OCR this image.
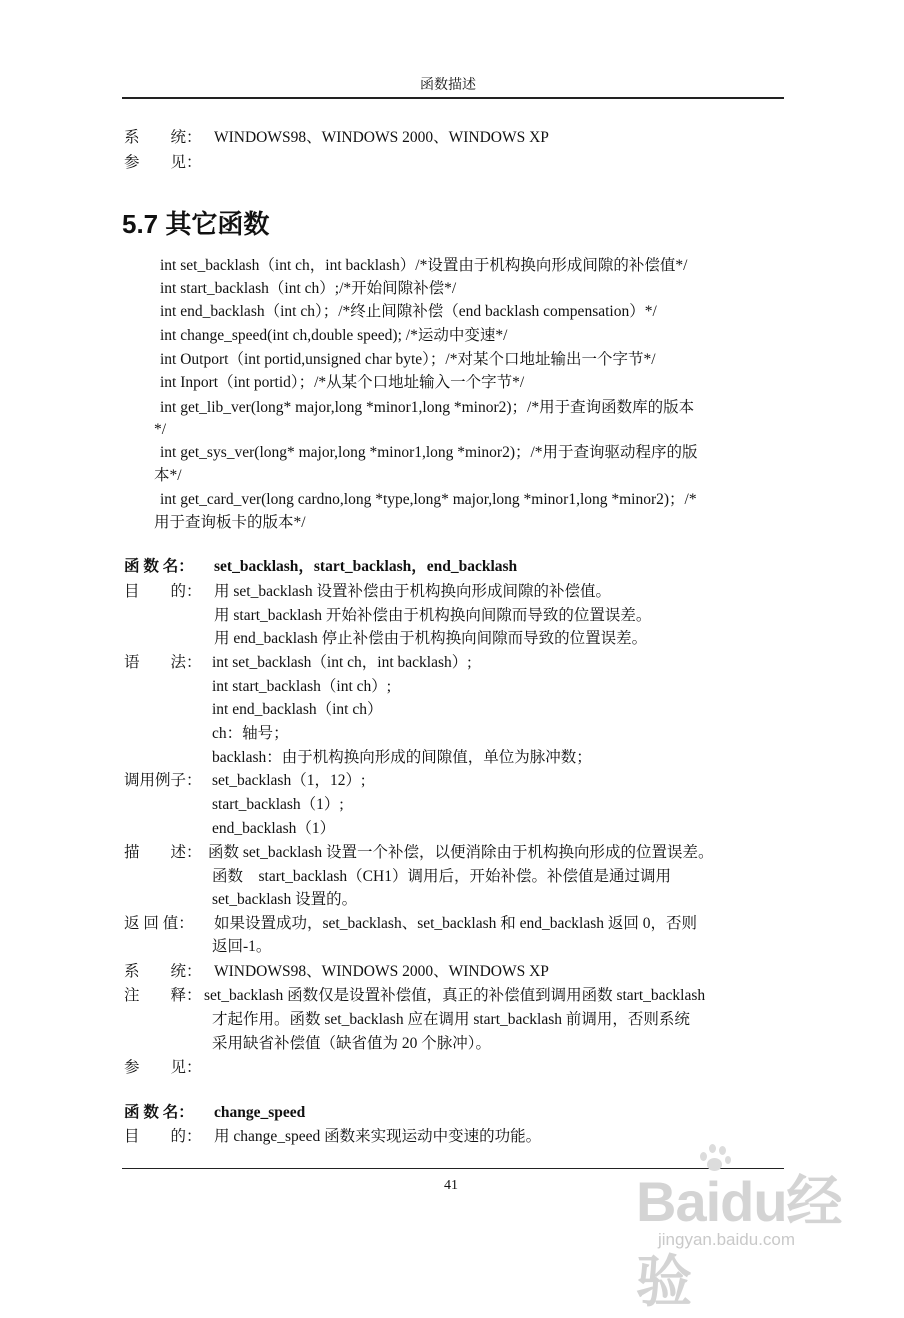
函数描述
系　　统： WINDOWS98、WINDOWS 2000、WINDOWS XP
参　　见：
5.7 其它函数
int set_backlash（int ch，int backlash）/*设置由于机构换向形成间隙的补偿值*/
int start_backlash（int ch）;/*开始间隙补偿*/
int end_backlash（int ch）；/*终止间隙补偿（end backlash compensation）*/
int change_speed(int ch,double speed); /*运动中变速*/
int Outport（int portid,unsigned char byte）；/*对某个口地址输出一个字节*/
int Inport（int portid）；/*从某个口地址输入一个字节*/
int get_lib_ver(long* major,long *minor1,long *minor2)；/*用于查询函数库的版本
*/
int get_sys_ver(long* major,long *minor1,long *minor2)；/*用于查询驱动程序的版
本*/
int get_card_ver(long cardno,long *type,long* major,long *minor1,long *minor2)；/*
用于查询板卡的版本*/
函 数 名： set_backlash，start_backlash，end_backlash
目　　的： 用 set_backlash 设置补偿由于机构换向形成间隙的补偿值。
用 start_backlash 开始补偿由于机构换向间隙而导致的位置误差。
用 end_backlash 停止补偿由于机构换向间隙而导致的位置误差。
语　　法： int set_backlash（int ch，int backlash）;
int start_backlash（int ch）;
int end_backlash（int ch）
ch：轴号；
backlash：由于机构换向形成的间隙值，单位为脉冲数；
调用例子： set_backlash（1，12）;
start_backlash（1）;
end_backlash（1）
描　　述： 函数 set_backlash 设置一个补偿，以便消除由于机构换向形成的位置误差。
函数　start_backlash（CH1）调用后，开始补偿。补偿值是通过调用
set_backlash 设置的。
返 回 值： 如果设置成功，set_backlash、set_backlash 和 end_backlash 返回 0，否则
返回-1。
系　　统： WINDOWS98、WINDOWS 2000、WINDOWS XP
注　　释： set_backlash 函数仅是设置补偿值，真正的补偿值到调用函数 start_backlash
才起作用。函数 set_backlash 应在调用 start_backlash 前调用，否则系统
采用缺省补偿值（缺省值为 20 个脉冲）。
参　　见：
函 数 名： change_speed
目　　的： 用 change_speed 函数来实现运动中变速的功能。
41	Baidu经验
jingyan.baidu.com
